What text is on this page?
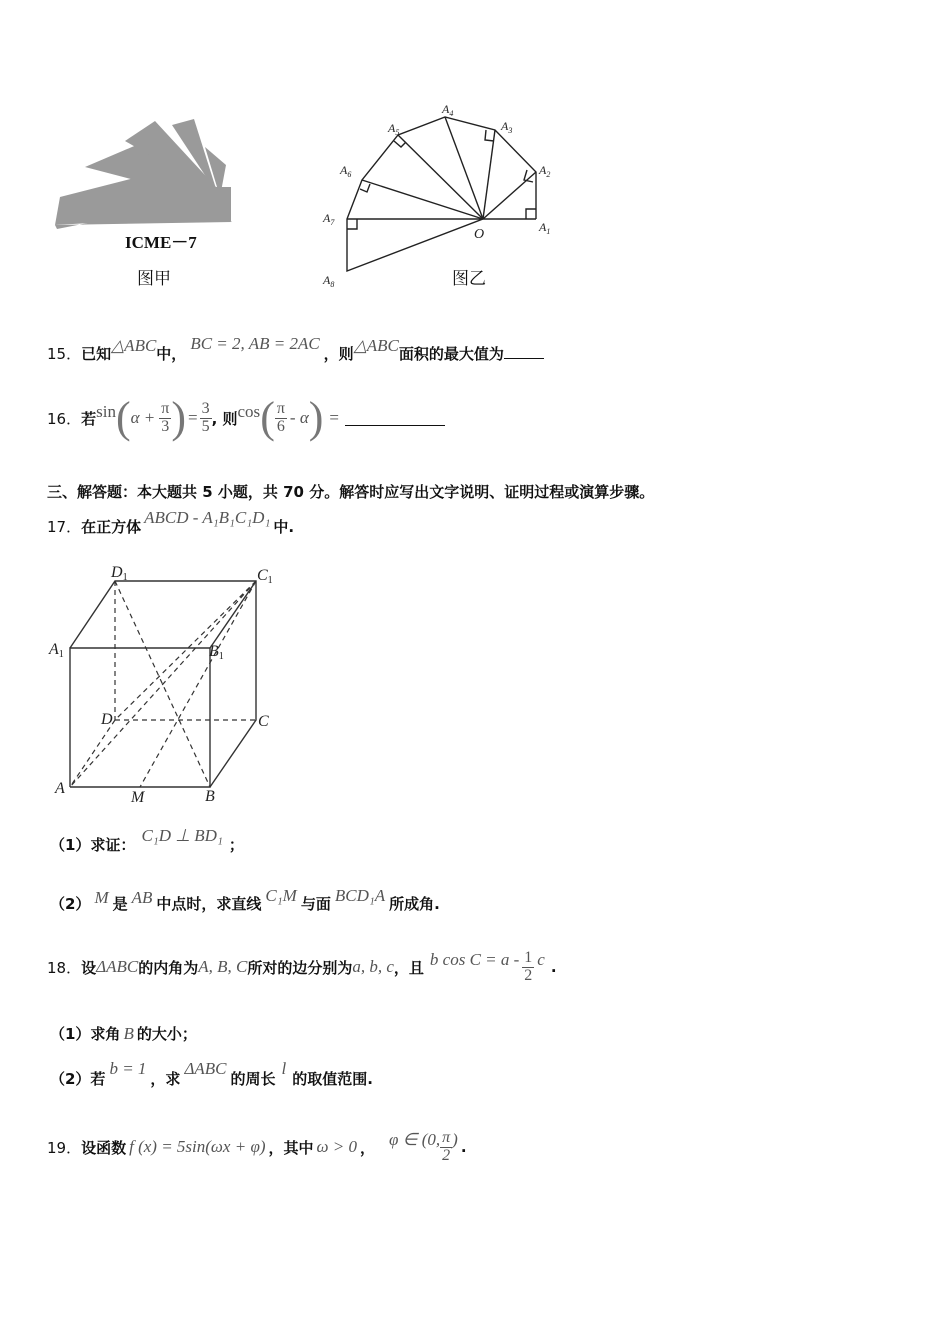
ICME－7
图甲
$A_1$
$A_2$
$A_3$
$A_4$
$A_5$
$A_6$
$A_7$
$A_8$
O
图乙
15．已知△ABC中，BC = 2, AB = 2AC，则△ABC面积的最大值为
16． 若 sin ( $\alpha + \frac{\pi}{3}$ ) = $\frac{3}{5}$ , 则 cos ( $\frac{\pi}{6}$ - α ) =
三、解答题：本大题共 5 小题，共 70 分。解答时应写出文字说明、证明过程或演算步骤。
17．在正方体 ABCD - A₁B₁C₁D₁ 中.
D1	C1
A1	B1
D	C
A
M	B
（1）求证： C₁D ⊥ BD₁ ；
（2） M 是 AB 中点时，求直线 C₁M 与面 BCD₁A 所成角.
18． 设 ΔABC 的内角为 A, B, C 所对的边分别为 a, b, c ，且 b $\cos C = a - \frac{1}{2}$ c .
（1）求角 B 的大小；
（2）若b = 1，求ΔABC的周长l的取值范围.
19． 设函数 f (x) = 5sin(ωx + φ) ，其中 ω > 0 ， φ ∈ (0, $\frac{\pi}{2}$ ) .
